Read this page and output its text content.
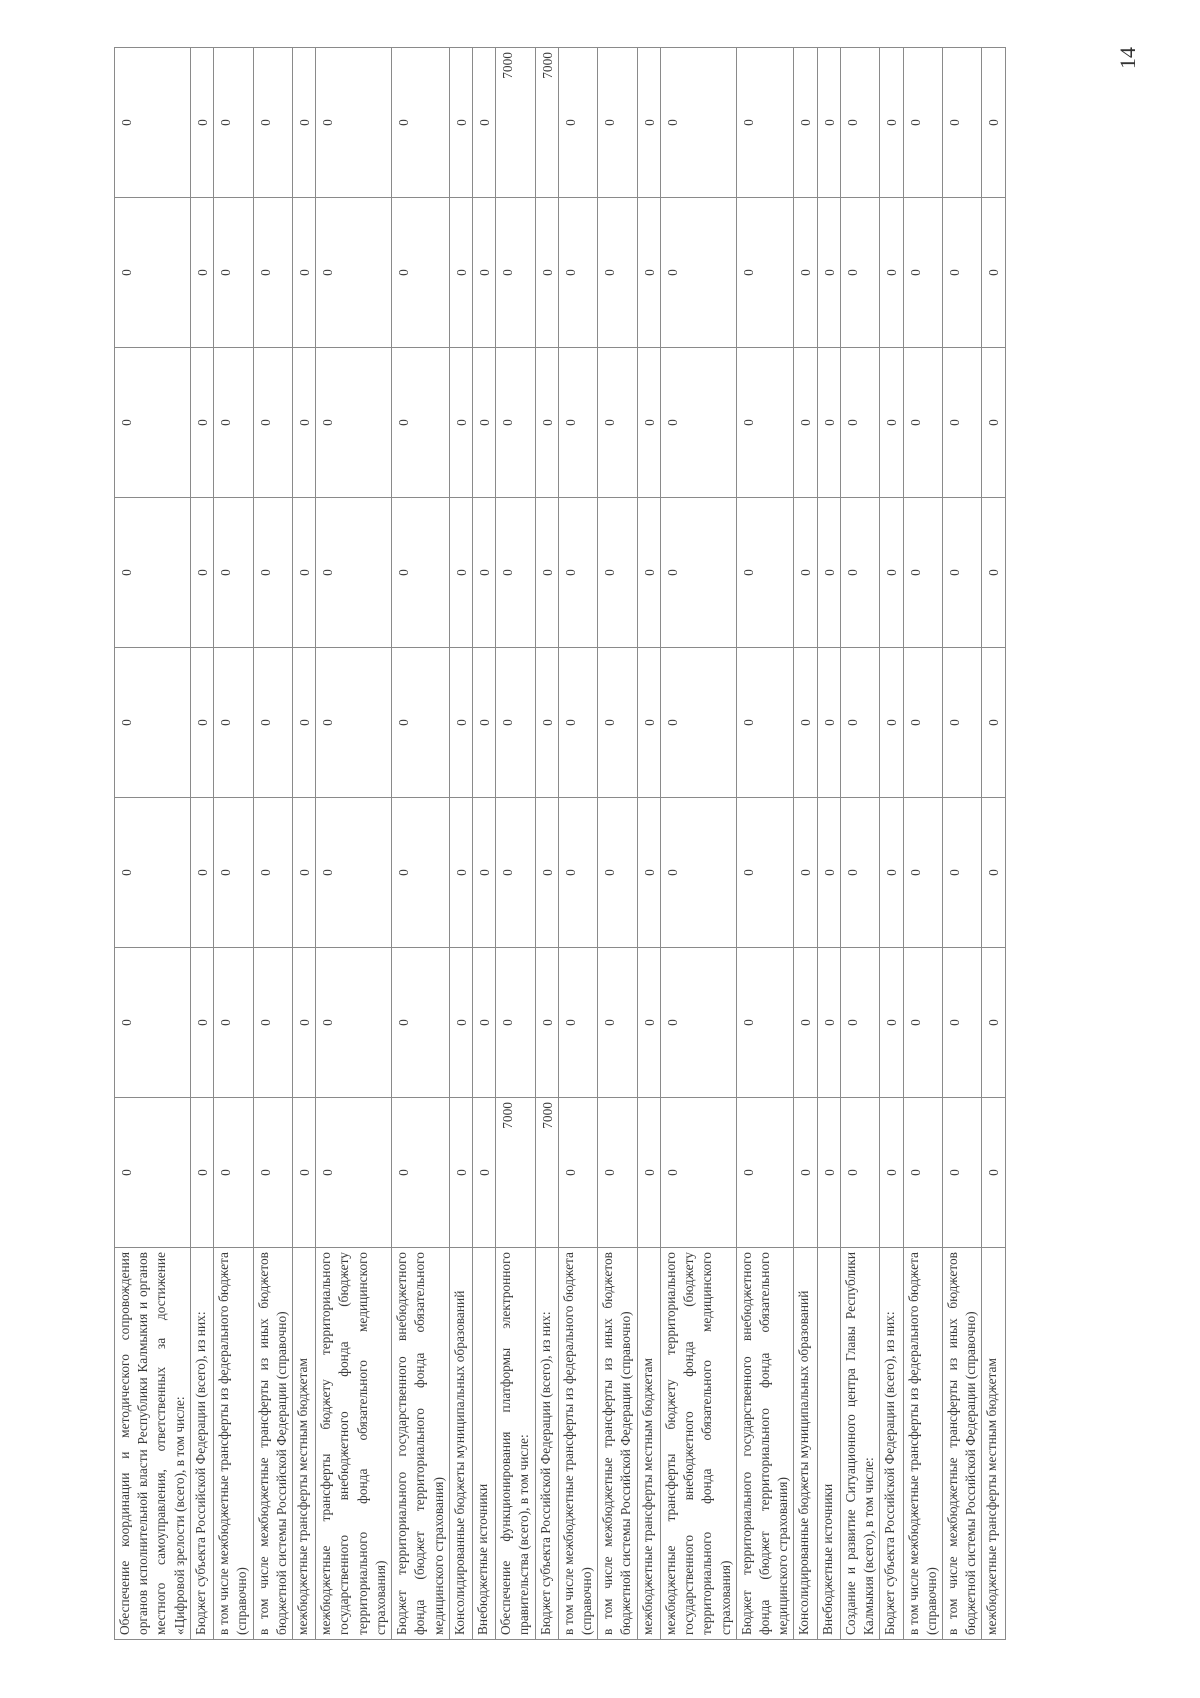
14
Обеспечение координации и методического сопровождения органов исполнительной власти Республики Калмыкия и органов местного самоуправления, ответственных за достижение «Цифровой зрелости (всего), в том числе:	0	0	0	0	0	0	0	0
Бюджет субъекта Российской Федерации (всего), из них:	0	0	0	0	0	0	0	0
в том числе межбюджетные трансферты из федерального бюджета (справочно)	0	0	0	0	0	0	0	0
в том числе межбюджетные трансферты из иных бюджетов бюджетной системы Российской Федерации (справочно)	0	0	0	0	0	0	0	0
межбюджетные трансферты местным бюджетам	0	0	0	0	0	0	0	0
межбюджетные трансферты бюджету территориального государственного внебюджетного фонда (бюджету территориального фонда обязательного медицинского страхования)	0	0	0	0	0	0	0	0
Бюджет территориального государственного внебюджетного фонда (бюджет территориального фонда обязательного медицинского страхования)	0	0	0	0	0	0	0	0
Консолидированные бюджеты муниципальных образований	0	0	0	0	0	0	0	0
Внебюджетные источники	0	0	0	0	0	0	0	0
Обеспечение функционирования платформы электронного правительства (всего), в том числе:	7000	0	0	0	0	0	0	7000
Бюджет субъекта Российской Федерации (всего), из них:	7000	0	0	0	0	0	0	7000
в том числе межбюджетные трансферты из федерального бюджета (справочно)	0	0	0	0	0	0	0	0
в том числе межбюджетные трансферты из иных бюджетов бюджетной системы Российской Федерации (справочно)	0	0	0	0	0	0	0	0
межбюджетные трансферты местным бюджетам	0	0	0	0	0	0	0	0
межбюджетные трансферты бюджету территориального государственного внебюджетного фонда (бюджету территориального фонда обязательного медицинского страхования)	0	0	0	0	0	0	0	0
Бюджет территориального государственного внебюджетного фонда (бюджет территориального фонда обязательного медицинского страхования)	0	0	0	0	0	0	0	0
Консолидированные бюджеты муниципальных образований	0	0	0	0	0	0	0	0
Внебюджетные источники	0	0	0	0	0	0	0	0
Создание и развитие Ситуационного центра Главы Республики Калмыкия (всего), в том числе:	0	0	0	0	0	0	0	0
Бюджет субъекта Российской Федерации (всего), из них:	0	0	0	0	0	0	0	0
в том числе межбюджетные трансферты из федерального бюджета (справочно)	0	0	0	0	0	0	0	0
в том числе межбюджетные трансферты из иных бюджетов бюджетной системы Российской Федерации (справочно)	0	0	0	0	0	0	0	0
межбюджетные трансферты местным бюджетам	0	0	0	0	0	0	0	0
